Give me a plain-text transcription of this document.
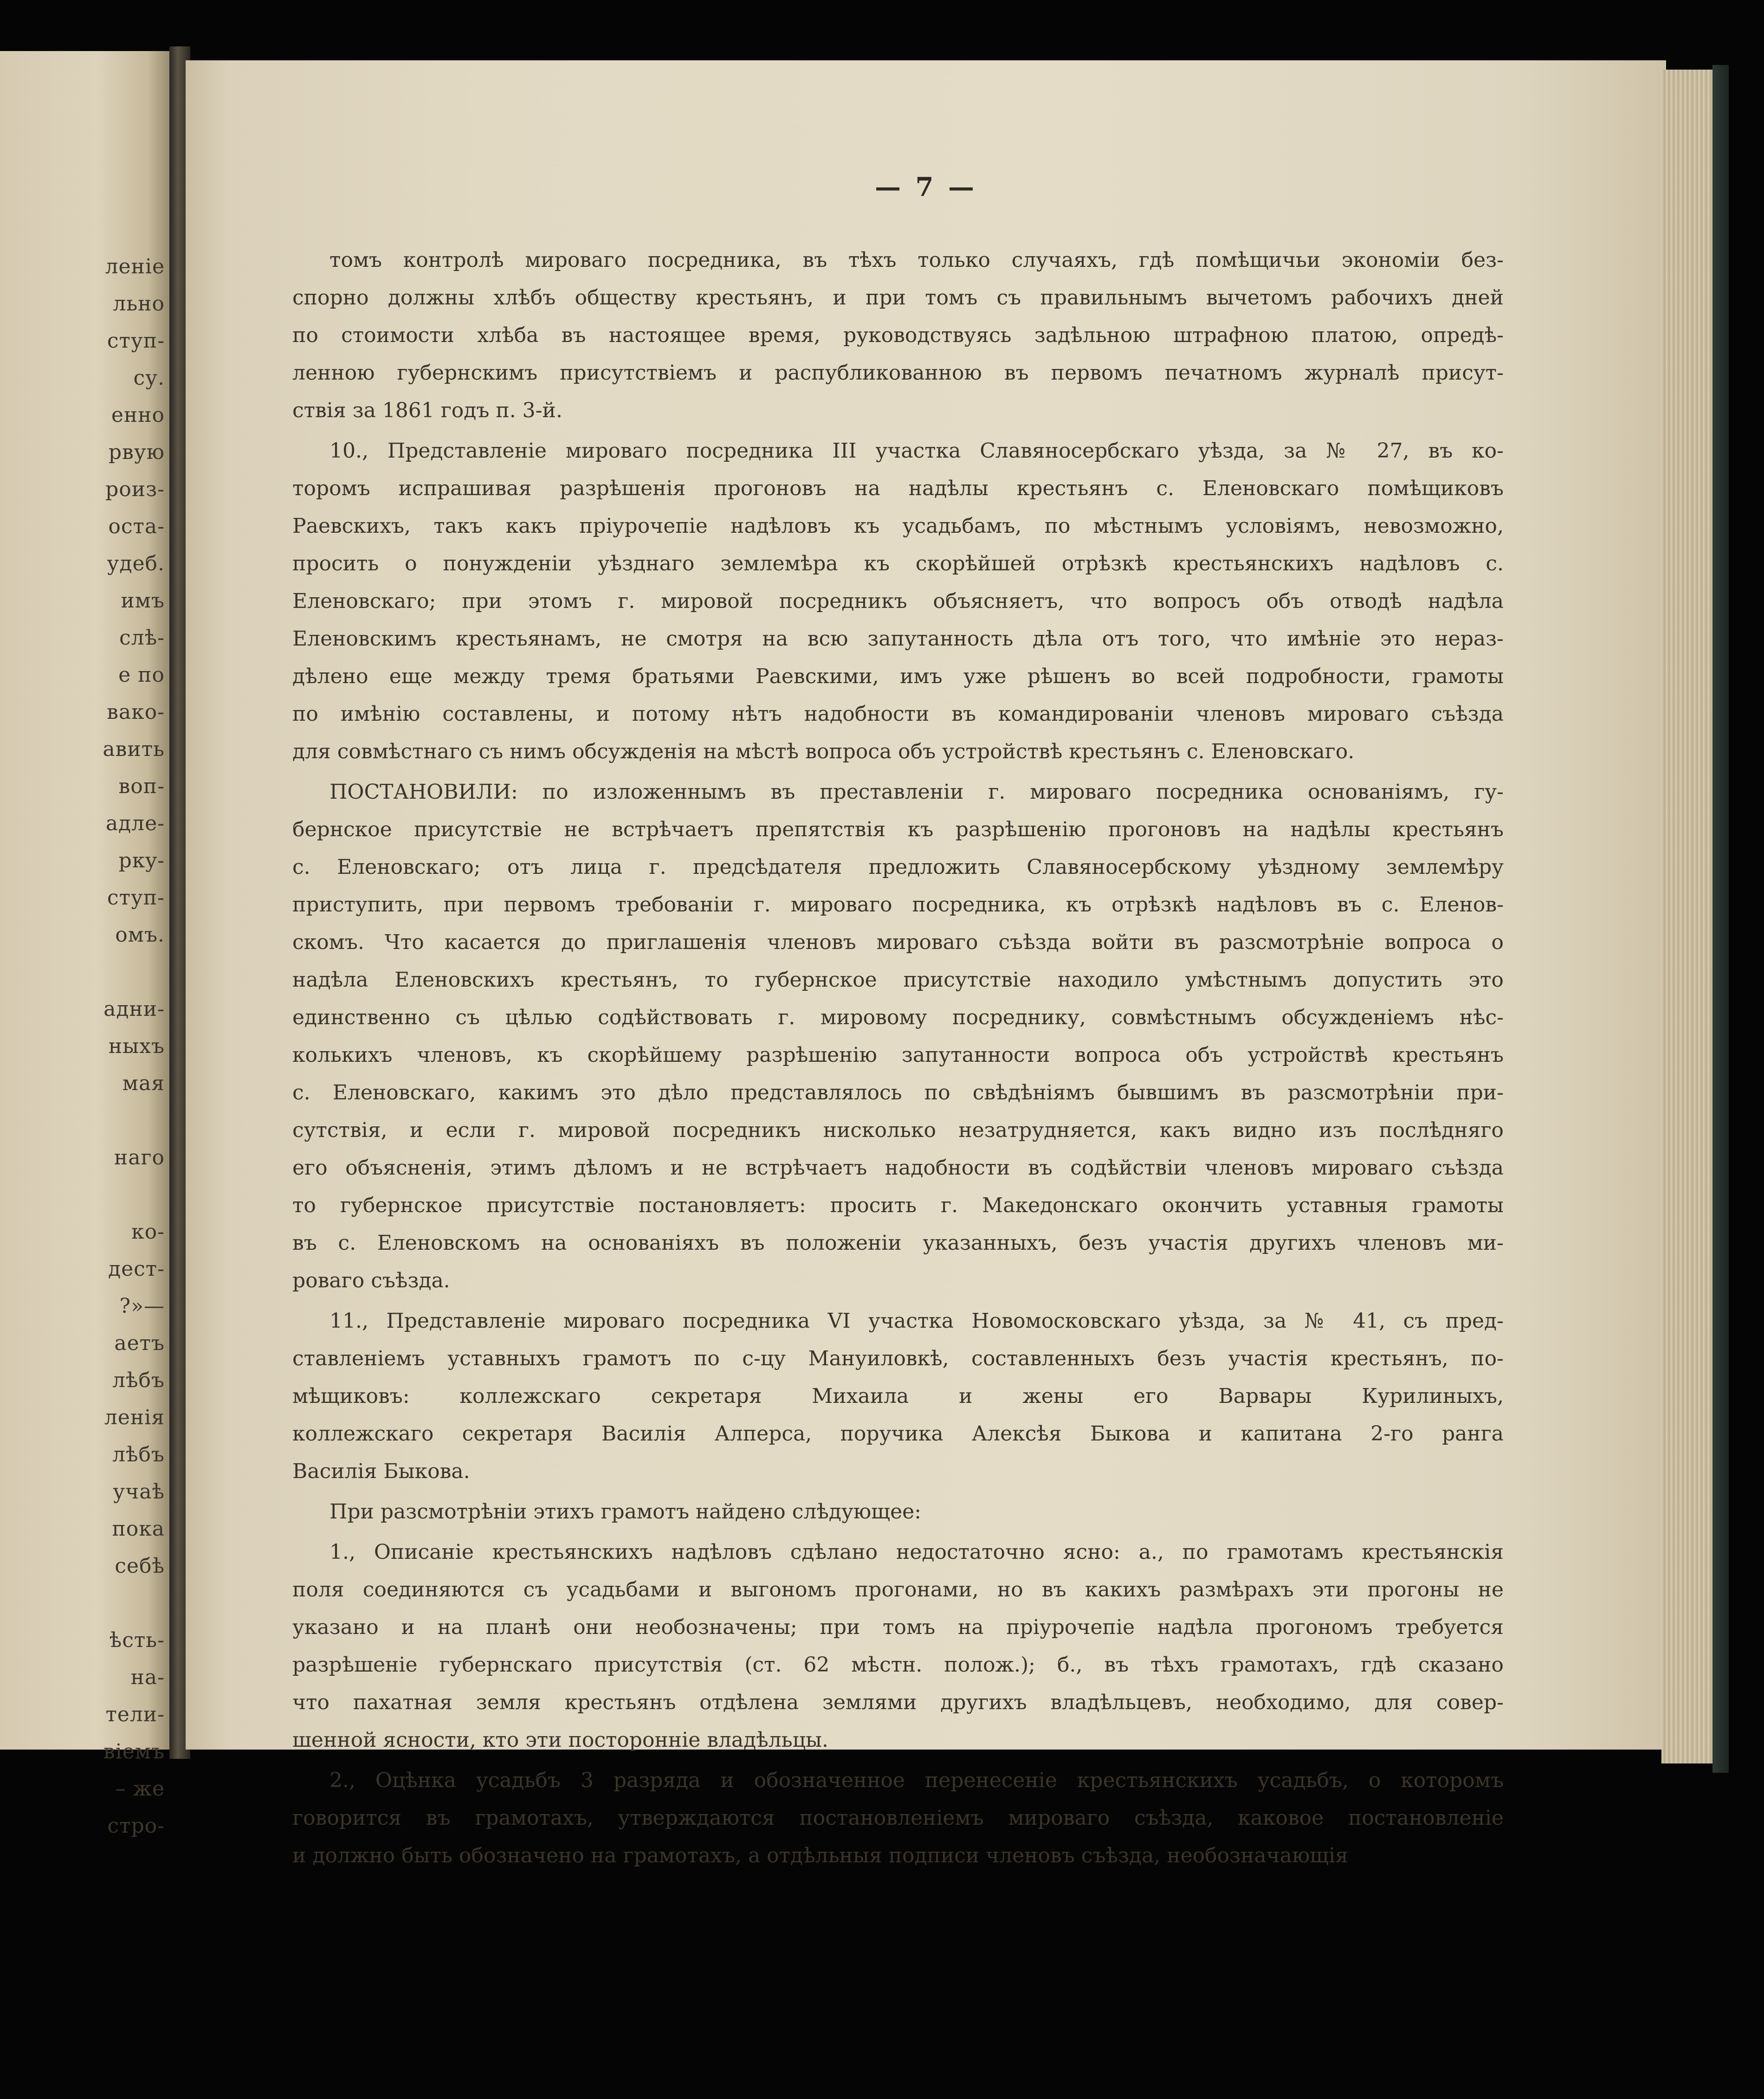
леніе
льно
ступ-
су.
енно
рвую
роиз-
оста-
удеб.
имъ
слѣ-
е по
вако-
авить
воп-
адле-
ркy-
ступ-
омъ.
адни-
ныхъ
мая
наго
ко-
дест-
?»—
аетъ
лѣбъ
ленія
лѣбъ
учаѣ
пока
себѣ
ѣсть-
на-
тели-
віемъ
– же
стро-
— 7 —
томъ контролѣ мироваго посредника, въ тѣхъ только случаяхъ, гдѣ помѣщичьи экономіи без-
спорно должны хлѣбъ обществу крестьянъ, и при томъ съ правильнымъ вычетомъ рабочихъ дней
по стоимости хлѣба въ настоящее время, руководствуясь задѣльною штрафною платою, опредѣ-
ленною губернскимъ присутствіемъ и распубликованною въ первомъ печатномъ журналѣ присут-
ствія за 1861 годъ п. 3-й.
10., Представленіе мироваго посредника III участка Славяносербскаго уѣзда, за № 27, въ ко-
торомъ испрашивая разрѣшенія прогоновъ на надѣлы крестьянъ с. Еленовскаго помѣщиковъ
Раевскихъ, такъ какъ пріурочепіе надѣловъ къ усадьбамъ, по мѣстнымъ условіямъ, невозможно,
просить о понужденіи уѣзднаго землемѣра къ скорѣйшей отрѣзкѣ крестьянскихъ надѣловъ с.
Еленовскаго; при этомъ г. мировой посредникъ объясняетъ, что вопросъ объ отводѣ надѣла
Еленовскимъ крестьянамъ, не смотря на всю запутанность дѣла отъ того, что имѣніе это нераз-
дѣлено еще между тремя братьями Раевскими, имъ уже рѣшенъ во всей подробности, грамоты
по имѣнію составлены, и потому нѣтъ надобности въ командированіи членовъ мироваго съѣзда
для совмѣстнаго съ нимъ обсужденія на мѣстѣ вопроса объ устройствѣ крестьянъ с. Еленовскаго.
ПОСТАНОВИЛИ: по изложеннымъ въ преставленіи г. мироваго посредника основаніямъ, гу-
бернское присутствіе не встрѣчаетъ препятствія къ разрѣшенію прогоновъ на надѣлы крестьянъ
с. Еленовскаго; отъ лица г. предсѣдателя предложить Славяносербскому уѣздному землемѣру
приступить, при первомъ требованіи г. мироваго посредника, къ отрѣзкѣ надѣловъ въ с. Еленов-
скомъ. Что касается до приглашенія членовъ мироваго съѣзда войти въ разсмотрѣніе вопроса о
надѣла Еленовскихъ крестьянъ, то губернское присутствіе находило умѣстнымъ допустить это
единственно съ цѣлью содѣйствовать г. мировому посреднику, совмѣстнымъ обсужденіемъ нѣс-
колькихъ членовъ, къ скорѣйшему разрѣшенію запутанности вопроса объ устройствѣ крестьянъ
с. Еленовскаго, какимъ это дѣло представлялось по свѣдѣніямъ бывшимъ въ разсмотрѣніи при-
сутствія, и если г. мировой посредникъ нисколько незатрудняется, какъ видно изъ послѣдняго
его объясненія, этимъ дѣломъ и не встрѣчаетъ надобности въ содѣйствіи членовъ мироваго съѣзда
то губернское присутствіе постановляетъ: просить г. Македонскаго окончить уставныя грамоты
въ с. Еленовскомъ на основаніяхъ въ положеніи указанныхъ, безъ участія другихъ членовъ ми-
роваго съѣзда.
11., Представленіе мироваго посредника VI участка Новомосковскаго уѣзда, за № 41, съ пред-
ставленіемъ уставныхъ грамотъ по с-цу Мануиловкѣ, составленныхъ безъ участія крестьянъ, по-
мѣщиковъ: коллежскаго секретаря Михаила и жены его Варвары Курилиныхъ,
коллежскаго секретаря Василія Алперса, поручика Алексѣя Быкова и капитана 2-го ранга
Василія Быкова.
При разсмотрѣніи этихъ грамотъ найдено слѣдующее:
1., Описаніе крестьянскихъ надѣловъ сдѣлано недостаточно ясно: а., по грамотамъ крестьянскія
поля соединяются съ усадьбами и выгономъ прогонами, но въ какихъ размѣрахъ эти прогоны не
указано и на планѣ они необозначены; при томъ на пріурочепіе надѣла прогономъ требуется
разрѣшеніе губернскаго присутствія (ст. 62 мѣстн. полож.); б., въ тѣхъ грамотахъ, гдѣ сказано
что пахатная земля крестьянъ отдѣлена землями другихъ владѣльцевъ, необходимо, для совер-
шенной ясности, кто эти посторонніе владѣльцы.
2., Оцѣнка усадьбъ 3 разряда и обозначенное перенесеніе крестьянскихъ усадьбъ, о которомъ
говорится въ грамотахъ, утверждаются постановленіемъ мироваго съѣзда, каковое постановленіе
и должно быть обозначено на грамотахъ, а отдѣльныя подписи членовъ съѣзда, необозначающія
